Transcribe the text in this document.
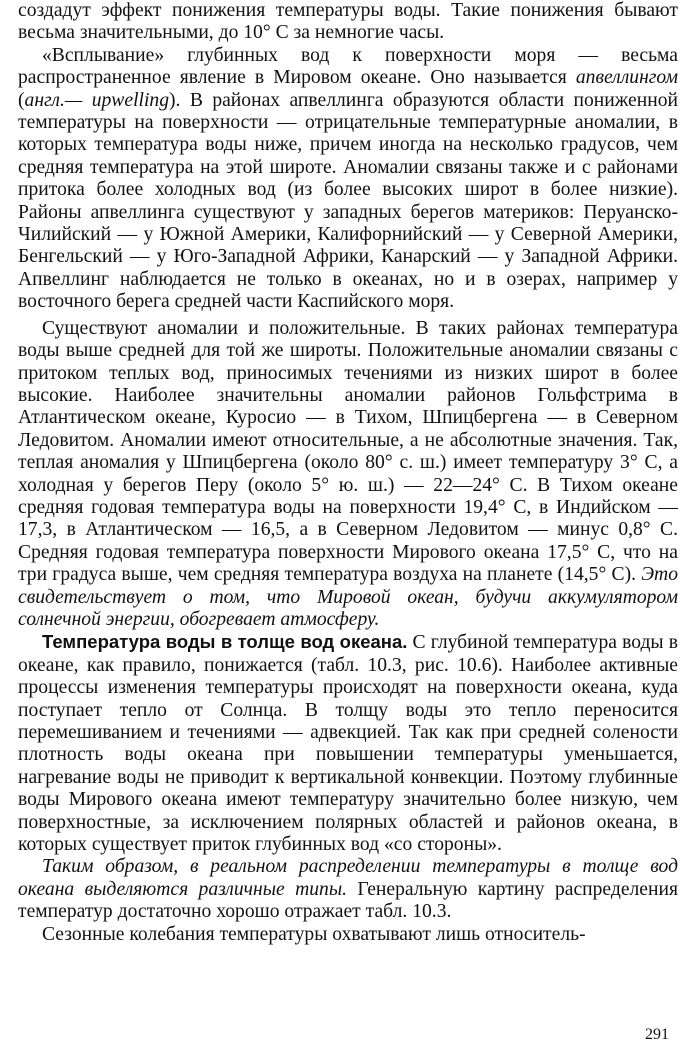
создадут эффект понижения температуры воды. Такие понижения бывают весьма значительными, до 10° С за немногие часы.

«Всплывание» глубинных вод к поверхности моря — весьма распространенное явление в Мировом океане. Оно называется апвеллингом (англ.— upwelling). В районах апвеллинга образуются области пониженной температуры на поверхности — отрицательные температурные аномалии, в которых температура воды ниже, причем иногда на несколько градусов, чем средняя температура на этой широте. Аномалии связаны также и с районами притока более холодных вод (из более высоких широт в более низкие). Районы апвеллинга существуют у западных берегов материков: Перуанско-Чилийский — у Южной Америки, Калифорнийский — у Северной Америки, Бенгельский — у Юго-Западной Африки, Канарский — у Западной Африки. Апвеллинг наблюдается не только в океанах, но и в озерах, например у восточного берега средней части Каспийского моря.

Существуют аномалии и положительные. В таких районах температура воды выше средней для той же широты. Положительные аномалии связаны с притоком теплых вод, приносимых течениями из низких широт в более высокие. Наиболее значительны аномалии районов Гольфстрима в Атлантическом океане, Куросио — в Тихом, Шпицбергена — в Северном Ледовитом. Аномалии имеют относительные, а не абсолютные значения. Так, теплая аномалия у Шпицбергена (около 80° с. ш.) имеет температуру 3° С, а холодная у берегов Перу (около 5° ю. ш.) — 22—24° С. В Тихом океане средняя годовая температура воды на поверхности 19,4° С, в Индийском — 17,3, в Атлантическом — 16,5, а в Северном Ледовитом — минус 0,8° С. Средняя годовая температура поверхности Мирового океана 17,5° С, что на три градуса выше, чем средняя температура воздуха на планете (14,5° С). Это свидетельствует о том, что Мировой океан, будучи аккумулятором солнечной энергии, обогревает атмосферу.

Температура воды в толще вод океана. С глубиной температура воды в океане, как правило, понижается (табл. 10.3, рис. 10.6). Наиболее активные процессы изменения температуры происходят на поверхности океана, куда поступает тепло от Солнца. В толщу воды это тепло переносится перемешиванием и течениями — адвекцией. Так как при средней солености плотность воды океана при повышении температуры уменьшается, нагревание воды не приводит к вертикальной конвекции. Поэтому глубинные воды Мирового океана имеют температуру значительно более низкую, чем поверхностные, за исключением полярных областей и районов океана, в которых существует приток глубинных вод «со стороны».

Таким образом, в реальном распределении температуры в толще вод океана выделяются различные типы. Генеральную картину распределения температур достаточно хорошо отражает табл. 10.3.

Сезонные колебания температуры охватывают лишь относитель-

291
